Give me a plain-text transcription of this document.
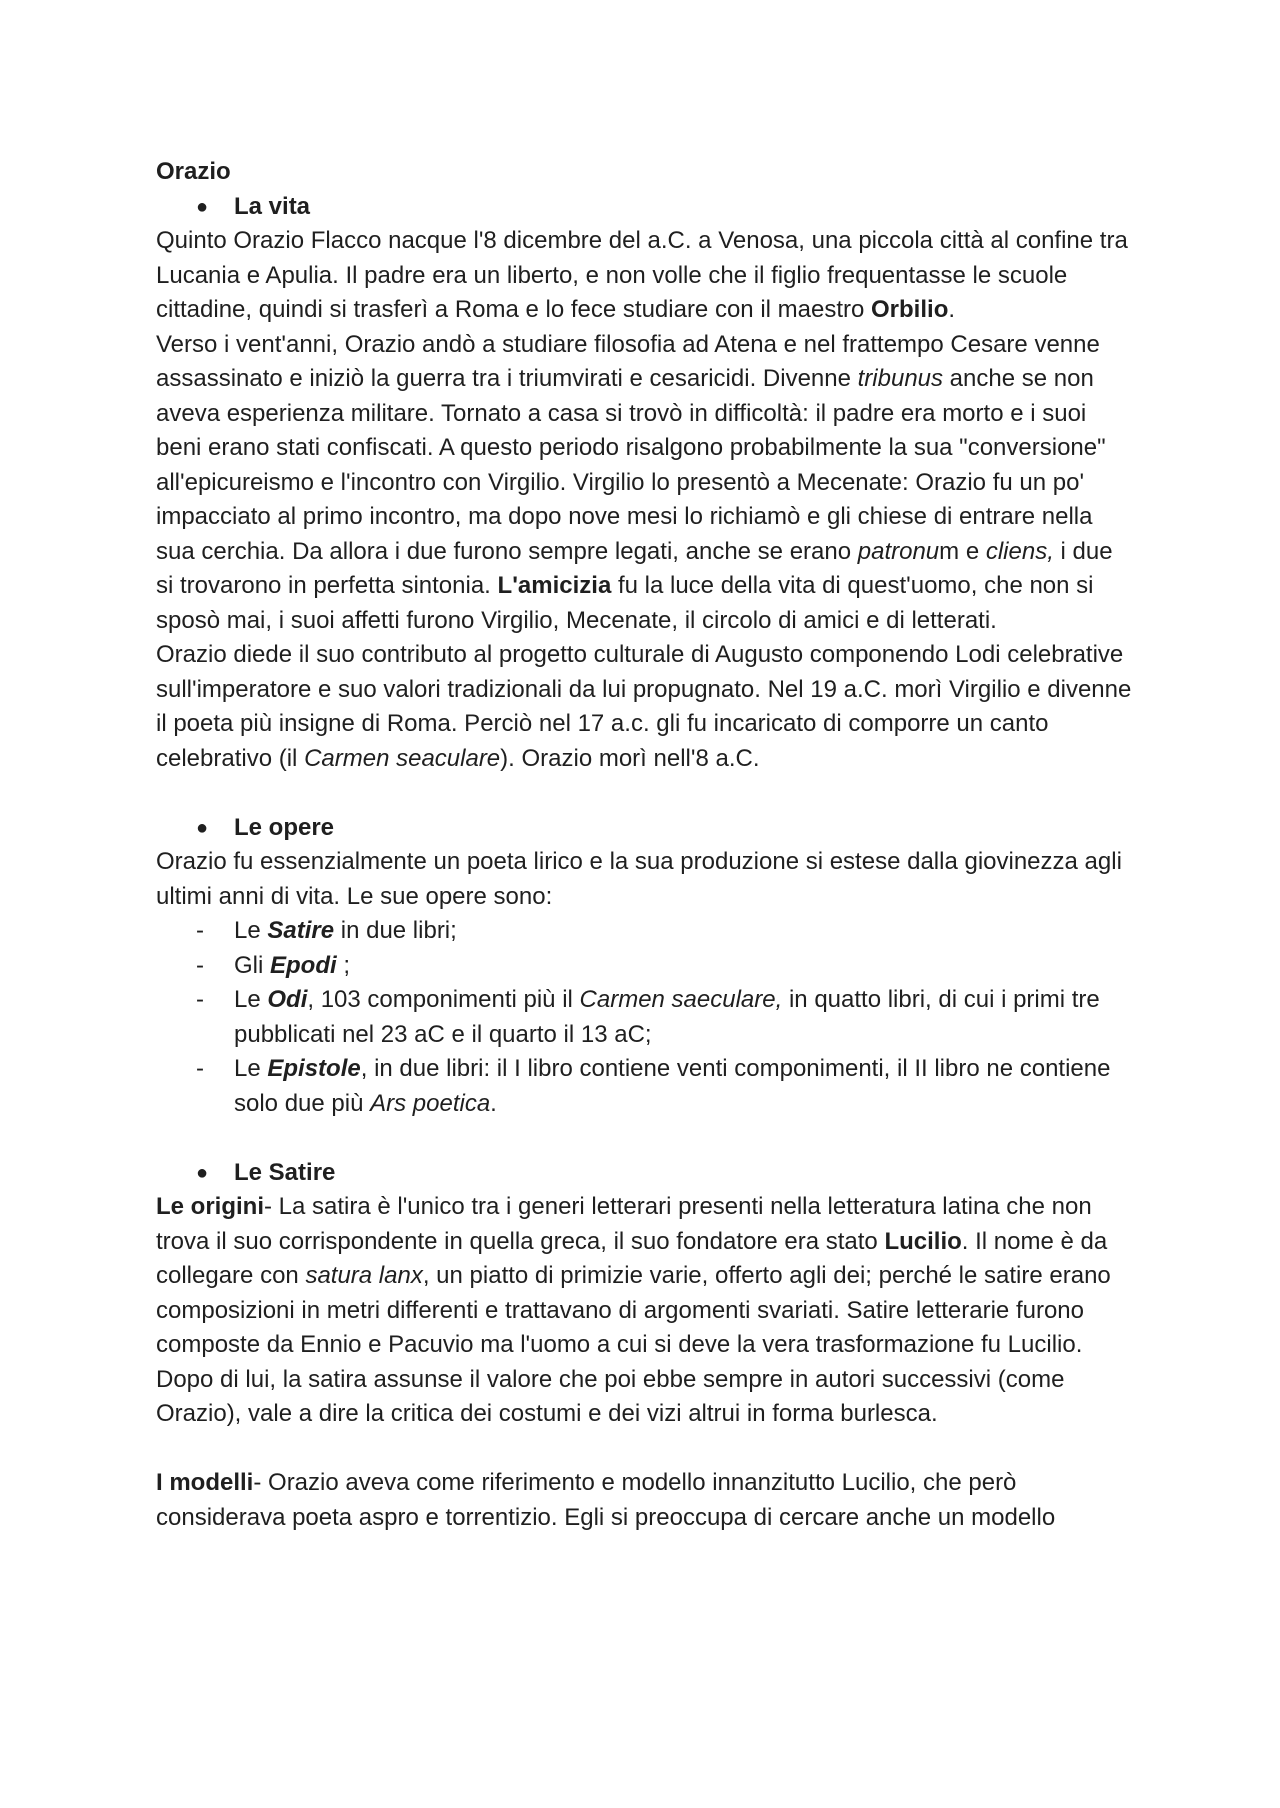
Orazio

● La vita

Quinto Orazio Flacco nacque l'8 dicembre del a.C. a Venosa, una piccola città al confine tra Lucania e Apulia. Il padre era un liberto, e non volle che il figlio frequentasse le scuole cittadine, quindi si trasferì a Roma e lo fece studiare con il maestro Orbilio.

Verso i vent'anni, Orazio andò a studiare filosofia ad Atena e nel frattempo Cesare venne assassinato e iniziò la guerra tra i triumvirati e cesaricidi. Divenne tribunus anche se non aveva esperienza militare. Tornato a casa si trovò in difficoltà: il padre era morto e i suoi beni erano stati confiscati. A questo periodo risalgono probabilmente la sua "conversione" all'epicureismo e l'incontro con Virgilio. Virgilio lo presentò a Mecenate: Orazio fu un po' impacciato al primo incontro, ma dopo nove mesi lo richiamò e gli chiese di entrare nella sua cerchia. Da allora i due furono sempre legati, anche se erano patronum e cliens, i due si trovarono in perfetta sintonia. L'amicizia fu la luce della vita di quest'uomo, che non si sposò mai, i suoi affetti furono Virgilio, Mecenate, il circolo di amici e di letterati.

Orazio diede il suo contributo al progetto culturale di Augusto componendo Lodi celebrative sull'imperatore e suo valori tradizionali da lui propugnato. Nel 19 a.C. morì Virgilio e divenne il poeta più insigne di Roma. Perciò nel 17 a.c. gli fu incaricato di comporre un canto celebrativo (il Carmen seaculare). Orazio morì nell'8 a.C.

● Le opere

Orazio fu essenzialmente un poeta lirico e la sua produzione si estese dalla giovinezza agli ultimi anni di vita. Le sue opere sono:

- Le Satire in due libri;
- Gli Epodi ;
- Le Odi, 103 componimenti più il Carmen saeculare, in quatto libri, di cui i primi tre pubblicati nel 23 aC e il quarto il 13 aC;
- Le Epistole, in due libri: il I libro contiene venti componimenti, il II libro ne contiene solo due più Ars poetica.

● Le Satire

Le origini- La satira è l'unico tra i generi letterari presenti nella letteratura latina che non trova il suo corrispondente in quella greca, il suo fondatore era stato Lucilio. Il nome è da collegare con satura lanx, un piatto di primizie varie, offerto agli dei; perché le satire erano composizioni in metri differenti e trattavano di argomenti svariati. Satire letterarie furono composte da Ennio e Pacuvio ma l'uomo a cui si deve la vera trasformazione fu Lucilio. Dopo di lui, la satira assunse il valore che poi ebbe sempre in autori successivi (come Orazio), vale a dire la critica dei costumi e dei vizi altrui in forma burlesca.

I modelli- Orazio aveva come riferimento e modello innanzitutto Lucilio, che però considerava poeta aspro e torrentizio. Egli si preoccupa di cercare anche un modello
